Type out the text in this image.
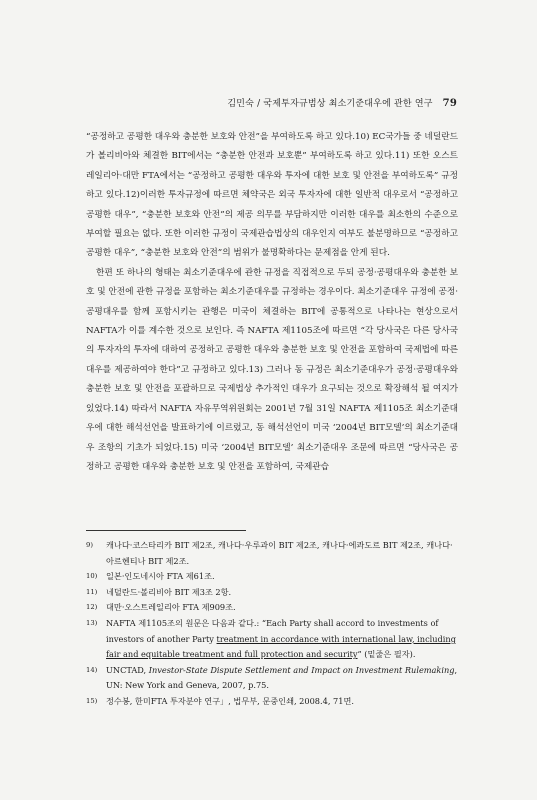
김민숙 / 국제투자규범상 최소기준대우에 관한 연구 79

“공정하고 공평한 대우와 충분한 보호와 안전”을 부여하도록 하고 있다.10) EC국가들 중 네덜란드가 볼리비아와 체결한 BIT에서는 “충분한 안전과 보호뿐” 부여하도록 하고 있다.11) 또한 오스트레일리아·대만 FTA에서는 “공정하고 공평한 대우와 투자에 대한 보호 및 안전을 부여하도록” 규정하고 있다.12)이러한 투자규정에 따르면 체약국은 외국 투자자에 대한 일반적 대우로서 “공정하고 공평한 대우”, “충분한 보호와 안전”의 제공 의무를 부담하지만 이러한 대우를 최소한의 수준으로 부여할 필요는 없다. 또한 이러한 규정이 국제관습법상의 대우인지 여부도 불분명하므로 “공정하고 공평한 대우”, “충분한 보호와 안전”의 범위가 불명확하다는 문제점을 안게 된다.

한편 또 하나의 형태는 최소기준대우에 관한 규정을 직접적으로 두되 공정·공평대우와 충분한 보호 및 안전에 관한 규정을 포함하는 최소기준대우를 규정하는 경우이다. 최소기준대우 규정에 공정·공평대우를 함께 포함시키는 관행은 미국이 체결하는 BIT에 공통적으로 나타나는 현상으로서 NAFTA가 이를 계수한 것으로 보인다. 즉 NAFTA 제1105조에 따르면 “각 당사국은 다른 당사국의 투자자의 투자에 대하여 공정하고 공평한 대우와 충분한 보호 및 안전을 포함하여 국제법에 따른 대우를 제공하여야 한다”고 규정하고 있다.13) 그러나 동 규정은 최소기준대우가 공정·공평대우와 충분한 보호 및 안전을 포괄하므로 국제법상 추가적인 대우가 요구되는 것으로 확장해석 될 여지가 있었다.14) 따라서 NAFTA 자유무역위원회는 2001년 7월 31일 NAFTA 제1105조 최소기준대우에 대한 해석선언을 발표하기에 이르렀고, 동 해석선언이 미국 ‘2004년 BIT모델’의 최소기준대우 조항의 기초가 되었다.15) 미국 ‘2004년 BIT모델’ 최소기준대우 조문에 따르면 “당사국은 공정하고 공평한 대우와 충분한 보호 및 안전을 포함하여, 국제관습

9)	캐나다·코스타리카 BIT 제2조, 캐나다·우루과이 BIT 제2조, 캐나다·에콰도르 BIT 제2조, 캐나다·아르헨티나 BIT 제2조.
10)	일본·인도네시아 FTA 제61조.
11)	네덜란드·볼리비아 BIT 제3조 2항.
12)	대만·오스트레일리아 FTA 제909조.
13)	NAFTA 제1105조의 원문은 다음과 같다.: “Each Party shall accord to investments of investors of another Party treatment in accordance with international law, including fair and equitable treatment and full protection and security” (밑줄은 필자).
14)	UNCTAD, Investor-State Dispute Settlement and Impact on Investment Rulemaking, UN: New York and Geneva, 2007, p.75.
15)	정수봉, 한미FTA 투자분야 연구」, 법무부, 문중인쇄, 2008.4, 71면.
